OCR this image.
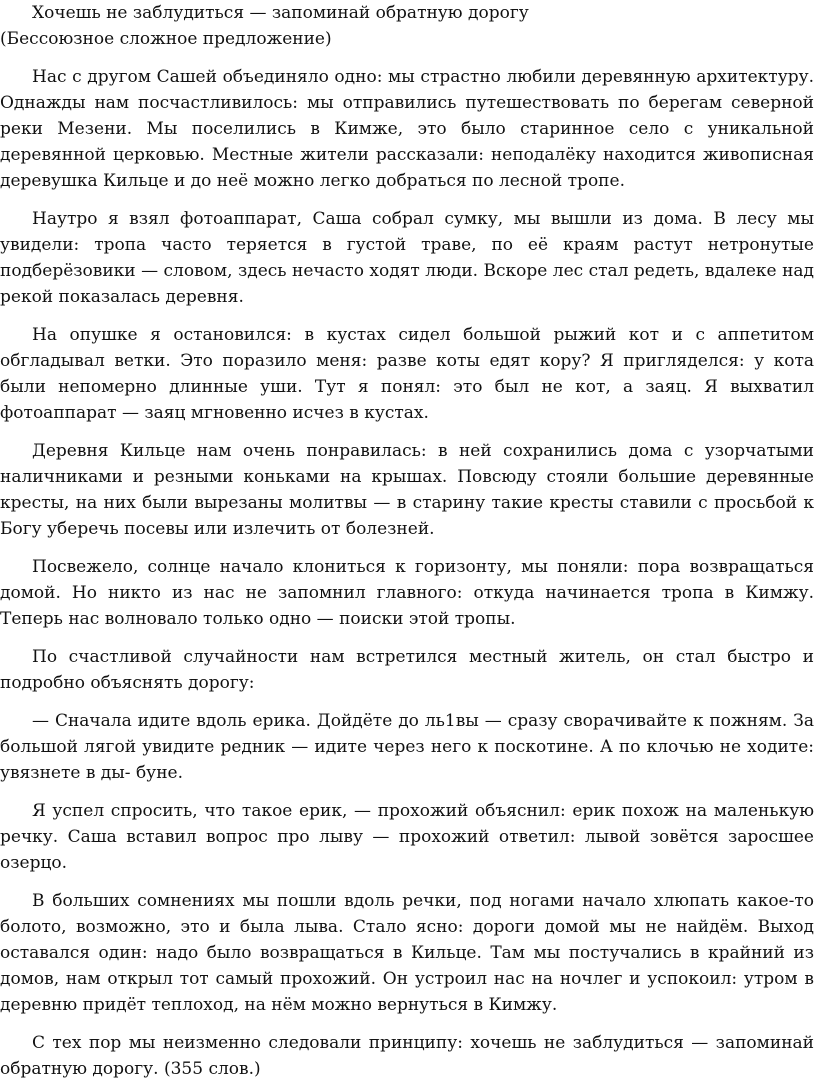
Хочешь не заблудиться — запоминай обратную дорогу

(Бессоюзное сложное предложение)

Нас с другом Сашей объединяло одно: мы страстно любили деревянную архитектуру. Однажды нам посчастливилось: мы отправились путешествовать по берегам северной реки Мезени. Мы поселились в Кимже, это было старинное село с уникальной деревянной церковью. Местные жители рассказали: неподалёку находится живописная деревушка Кильце и до неё можно легко добраться по лесной тропе.

Наутро я взял фотоаппарат, Саша собрал сумку, мы вышли из дома. В лесу мы увидели: тропа часто теряется в густой траве, по её краям растут нетронутые подберёзовики — словом, здесь нечасто ходят люди. Вскоре лес стал редеть, вдалеке над рекой показалась деревня.

На опушке я остановился: в кустах сидел большой рыжий кот и с аппетитом обгладывал ветки. Это поразило меня: разве коты едят кору? Я пригляделся: у кота были непомерно длинные уши. Тут я понял: это был не кот, а заяц. Я выхватил фотоаппарат — заяц мгновенно исчез в кустах.

Деревня Кильце нам очень понравилась: в ней сохранились дома с узорчатыми наличниками и резными коньками на крышах. Повсюду стояли большие деревянные кресты, на них были вырезаны молитвы — в старину такие кресты ставили с просьбой к Богу уберечь посевы или излечить от болезней.

Посвежело, солнце начало клониться к горизонту, мы поняли: пора возвращаться домой. Но никто из нас не запомнил главного: откуда начинается тропа в Кимжу. Теперь нас волновало только одно — поиски этой тропы.

По счастливой случайности нам встретился местный житель, он стал быстро и подробно объяснять дорогу:

— Сначала идите вдоль ерика. Дойдёте до ль1вы — сразу сворачивайте к пожням. За большой лягой увидите редник — идите через него к поскотине. А по клочью не ходите: увязнете в ды- буне.

Я успел спросить, что такое ерик, — прохожий объяснил: ерик похож на маленькую речку. Саша вставил вопрос про лыву — прохожий ответил: лывой зовётся заросшее озерцо.

В больших сомнениях мы пошли вдоль речки, под ногами начало хлюпать какое-то болото, возможно, это и была лыва. Стало ясно: дороги домой мы не найдём. Выход оставался один: надо было возвращаться в Кильце. Там мы постучались в крайний из домов, нам открыл тот самый прохожий. Он устроил нас на ночлег и успокоил: утром в деревню придёт теплоход, на нём можно вернуться в Кимжу.

С тех пор мы неизменно следовали принципу: хочешь не заблудиться — запоминай обратную дорогу. (355 слов.)
